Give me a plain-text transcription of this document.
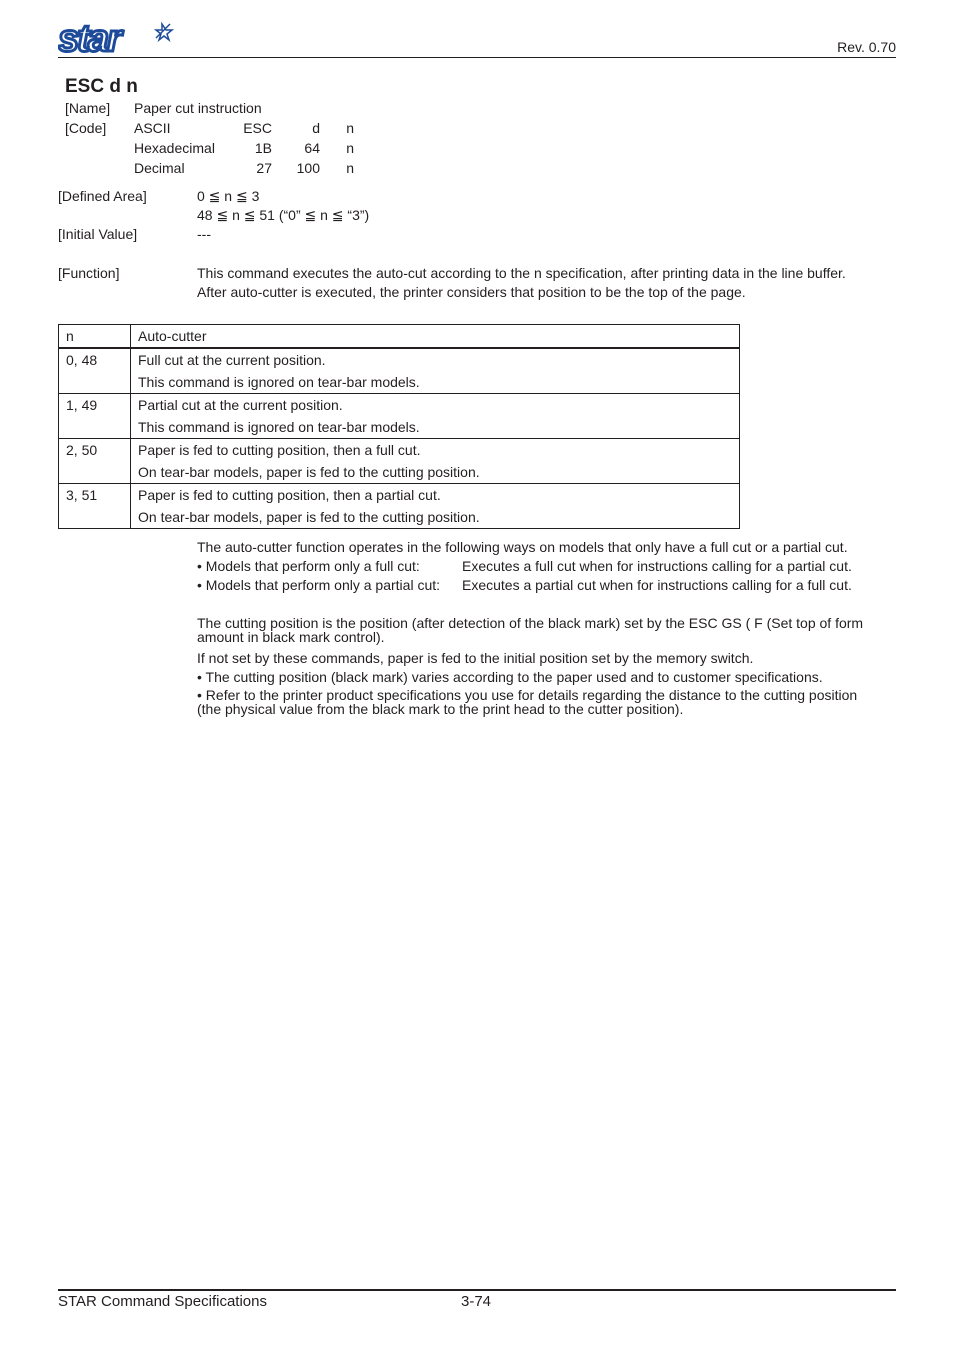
star	Rev. 0.70
ESC d n
[Name] Paper cut instruction
[Code] ASCII	ESC	d	n
Hexadecimal	1B	64	n
Decimal	27	100	n
[Defined Area]	0 ≦ n ≦ 3
48 ≦ n ≦ 51 (“0” ≦ n ≦ “3”)
[Initial Value]	---
[Function]	This command executes the auto-cut according to the n specification, after printing data in the line buffer.
After auto-cutter is executed, the printer considers that position to be the top of the page.
n	Auto-cutter
0, 48	Full cut at the current position.
This command is ignored on tear-bar models.

1, 49	Partial cut at the current position.
This command is ignored on tear-bar models.

2, 50	Paper is fed to cutting position, then a full cut.
On tear-bar models, paper is fed to the cutting position.

3, 51	Paper is fed to cutting position, then a partial cut.
On tear-bar models, paper is fed to the cutting position.
The auto-cutter function operates in the following ways on models that only have a full cut or a partial cut.
• Models that perform only a full cut:	Executes a full cut when for instructions calling for a partial cut.
• Models that perform only a partial cut: Executes a partial cut when for instructions calling for a full cut.
The cutting position is the position (after detection of the black mark) set by the ESC GS ( F (Set top of form
amount in black mark control).
If not set by these commands, paper is fed to the initial position set by the memory switch.
• The cutting position (black mark) varies according to the paper used and to customer specifications.
• Refer to the printer product specifications you use for details regarding the distance to the cutting position
(the physical value from the black mark to the print head to the cutter position).
STAR Command Specifications	3-74
